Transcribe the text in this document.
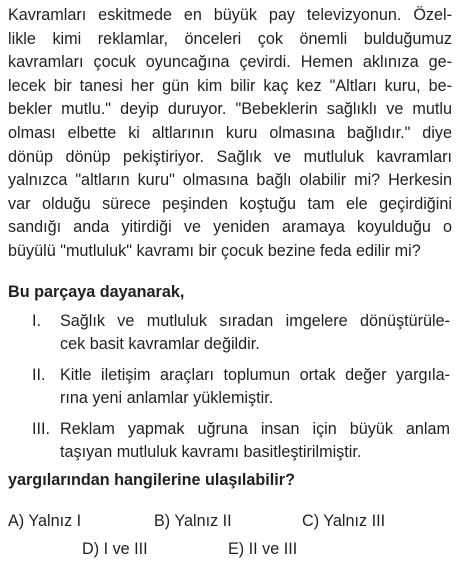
Kavramları eskitmede en büyük pay televizyonun. Özel-
likle kimi reklamlar, önceleri çok önemli bulduğumuz
kavramları çocuk oyuncağına çevirdi. Hemen aklınıza ge-
lecek bir tanesi her gün kim bilir kaç kez "Altları kuru, be-
bekler mutlu." deyip duruyor. "Bebeklerin sağlıklı ve mutlu
olması elbette ki altlarının kuru olmasına bağlıdır." diye
dönüp dönüp pekiştiriyor. Sağlık ve mutluluk kavramları
yalnızca "altların kuru" olmasına bağlı olabilir mi? Herkesin
var olduğu sürece peşinden koştuğu tam ele geçirdiğini
sandığı anda yitirdiği ve yeniden aramaya koyulduğu o
büyülü "mutluluk" kavramı bir çocuk bezine feda edilir mi?
Bu parçaya dayanarak,
I. Sağlık ve mutluluk sıradan imgelere dönüştürüle-
cek basit kavramlar değildir.
II. Kitle iletişim araçları toplumun ortak değer yargıla-
rına yeni anlamlar yüklemiştir.
III. Reklam yapmak uğruna insan için büyük anlam
taşıyan mutluluk kavramı basitleştirilmiştir.
yargılarından hangilerine ulaşılabilir?
A) Yalnız I	B) Yalnız II	C) Yalnız III
D) I ve III	E) II ve III
